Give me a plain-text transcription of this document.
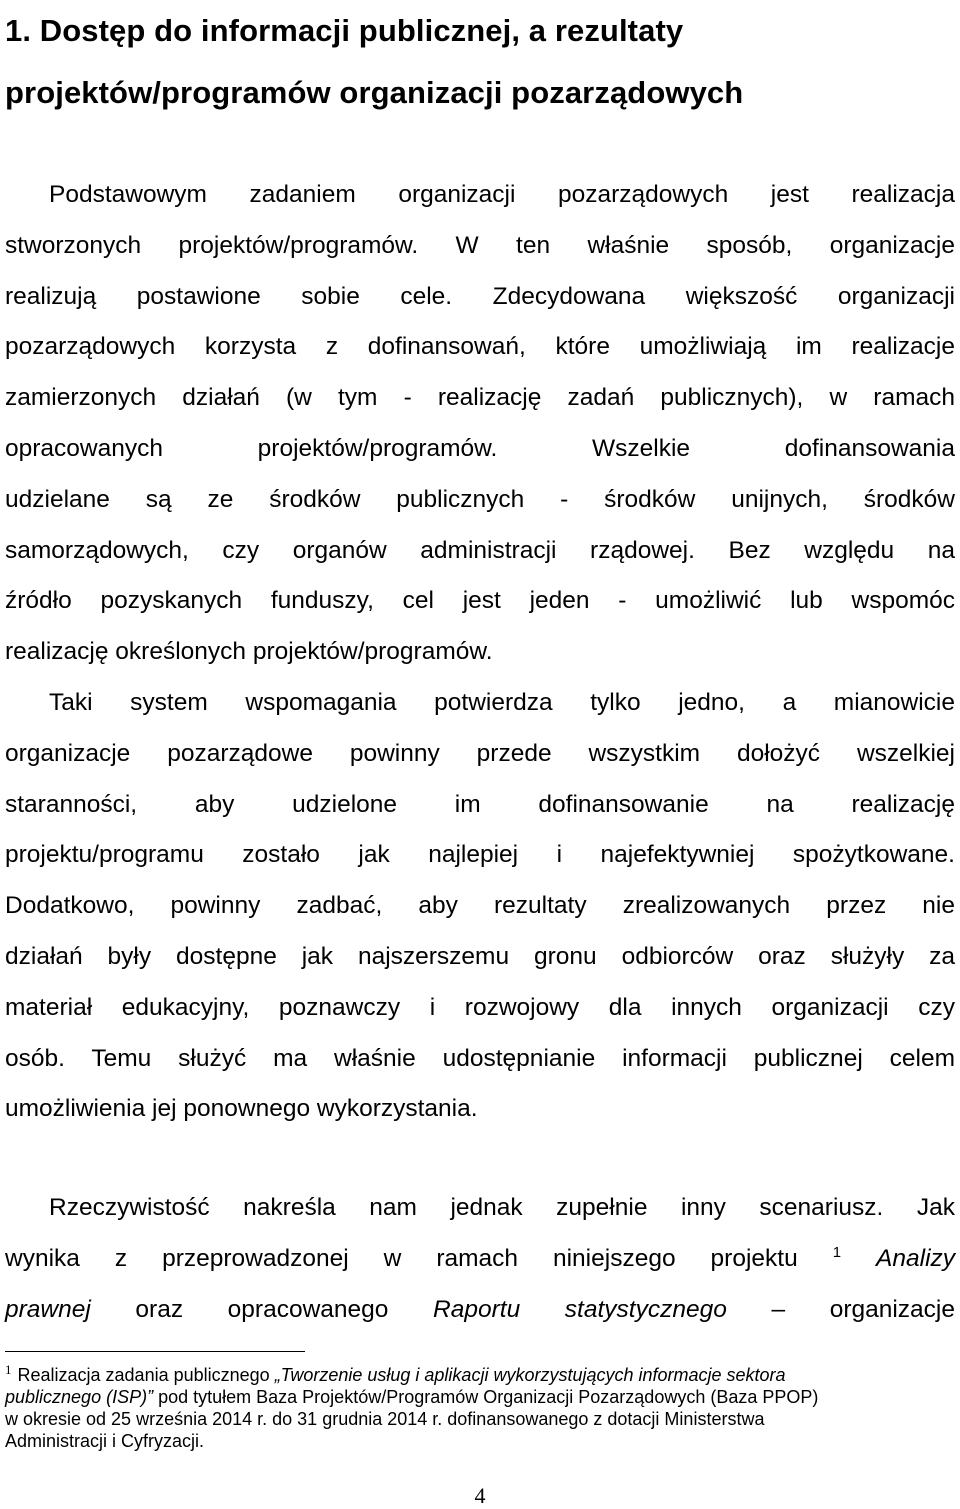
1. Dostęp do informacji publicznej, a rezultaty
projektów/programów organizacji pozarządowych

Podstawowym zadaniem organizacji pozarządowych jest realizacja
stworzonych projektów/programów. W ten właśnie sposób, organizacje
realizują postawione sobie cele. Zdecydowana większość organizacji
pozarządowych korzysta z dofinansowań, które umożliwiają im realizacje
zamierzonych działań (w tym - realizację zadań publicznych), w ramach
opracowanych projektów/programów. Wszelkie dofinansowania
udzielane są ze środków publicznych - środków unijnych, środków
samorządowych, czy organów administracji rządowej. Bez względu na
źródło pozyskanych funduszy, cel jest jeden - umożliwić lub wspomóc
realizację określonych projektów/programów.

Taki system wspomagania potwierdza tylko jedno, a mianowicie
organizacje pozarządowe powinny przede wszystkim dołożyć wszelkiej
staranności, aby udzielone im dofinansowanie na realizację
projektu/programu zostało jak najlepiej i najefektywniej spożytkowane.
Dodatkowo, powinny zadbać, aby rezultaty zrealizowanych przez nie
działań były dostępne jak najszerszemu gronu odbiorców oraz służyły za
materiał edukacyjny, poznawczy i rozwojowy dla innych organizacji czy
osób. Temu służyć ma właśnie udostępnianie informacji publicznej celem
umożliwienia jej ponownego wykorzystania.

Rzeczywistość nakreśla nam jednak zupełnie inny scenariusz. Jak
wynika z przeprowadzonej w ramach niniejszego projektu $^1$ Analizy
prawnej oraz opracowanego Raportu statystycznego – organizacje

$^1$ Realizacja zadania publicznego „Tworzenie usług i aplikacji wykorzystujących informacje sektora
publicznego (ISP)” pod tytułem Baza Projektów/Programów Organizacji Pozarządowych (Baza PPOP)
w okresie od 25 września 2014 r. do 31 grudnia 2014 r. dofinansowanego z dotacji Ministerstwa
Administracji i Cyfryzacji.
4
